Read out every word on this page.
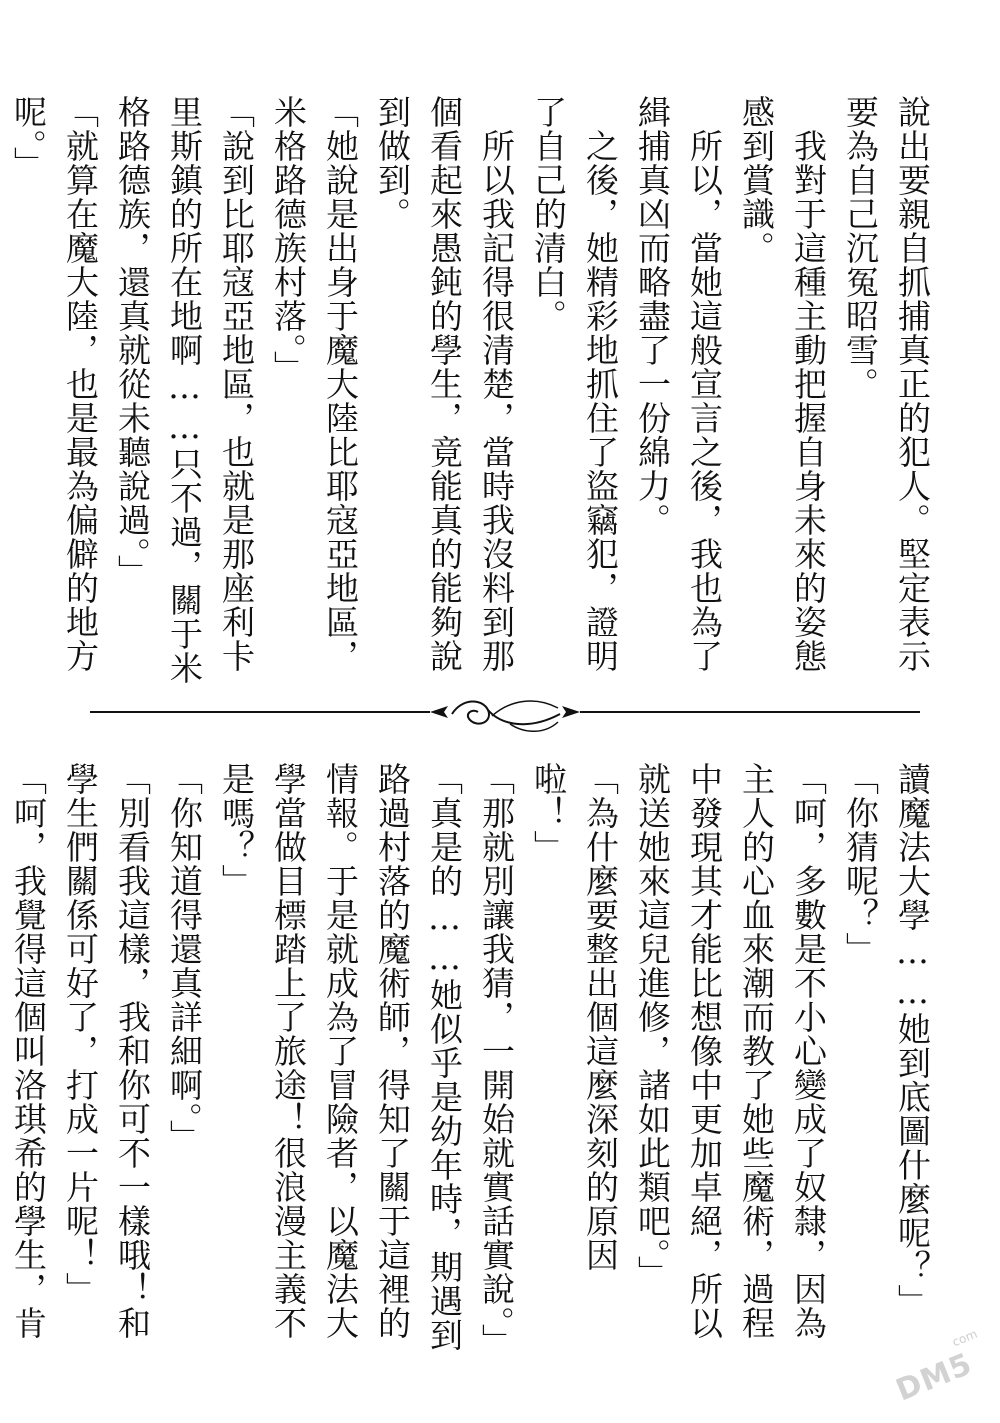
說出要親自抓捕真正的犯人。堅定表示要為自己沉冤昭雪。

　我對于這種主動把握自身未來的姿態感到賞識。

　所以，當她這般宣言之後，我也為了緝捕真凶而略盡了一份綿力。

　之後，她精彩地抓住了盜竊犯，證明了自己的清白。

　所以我記得很清楚，當時我沒料到那個看起來愚鈍的學生，竟能真的能夠說到做到。

「她說是出身于魔大陸比耶寇亞地區，米格路德族村落。」

「說到比耶寇亞地區，也就是那座利卡里斯鎮的所在地啊……只不過，關于米格路德族，還真就從未聽說過。」

「就算在魔大陸，也是最為偏僻的地方呢。」

讀魔法大學……她到底圖什麼呢？」

「你猜呢？」

「呵，多數是不小心變成了奴隸，因為主人的心血來潮而教了她些魔術，過程中發現其才能比想像中更加卓絕，所以就送她來這兒進修，諸如此類吧。」

「為什麼要整出個這麼深刻的原因啦！」

「那就別讓我猜，一開始就實話實說。」

「真是的……她似乎是幼年時，期遇到路過村落的魔術師，得知了關于這裡的情報。于是就成為了冒險者，以魔法大學當做目標踏上了旅途！很浪漫主義不是嗎？」

「你知道得還真詳細啊。」

「別看我這樣，我和你可不一樣哦！和學生們關係可好了，打成一片呢！」

「呵，我覺得這個叫洛琪希的學生，肯	com
DM5
